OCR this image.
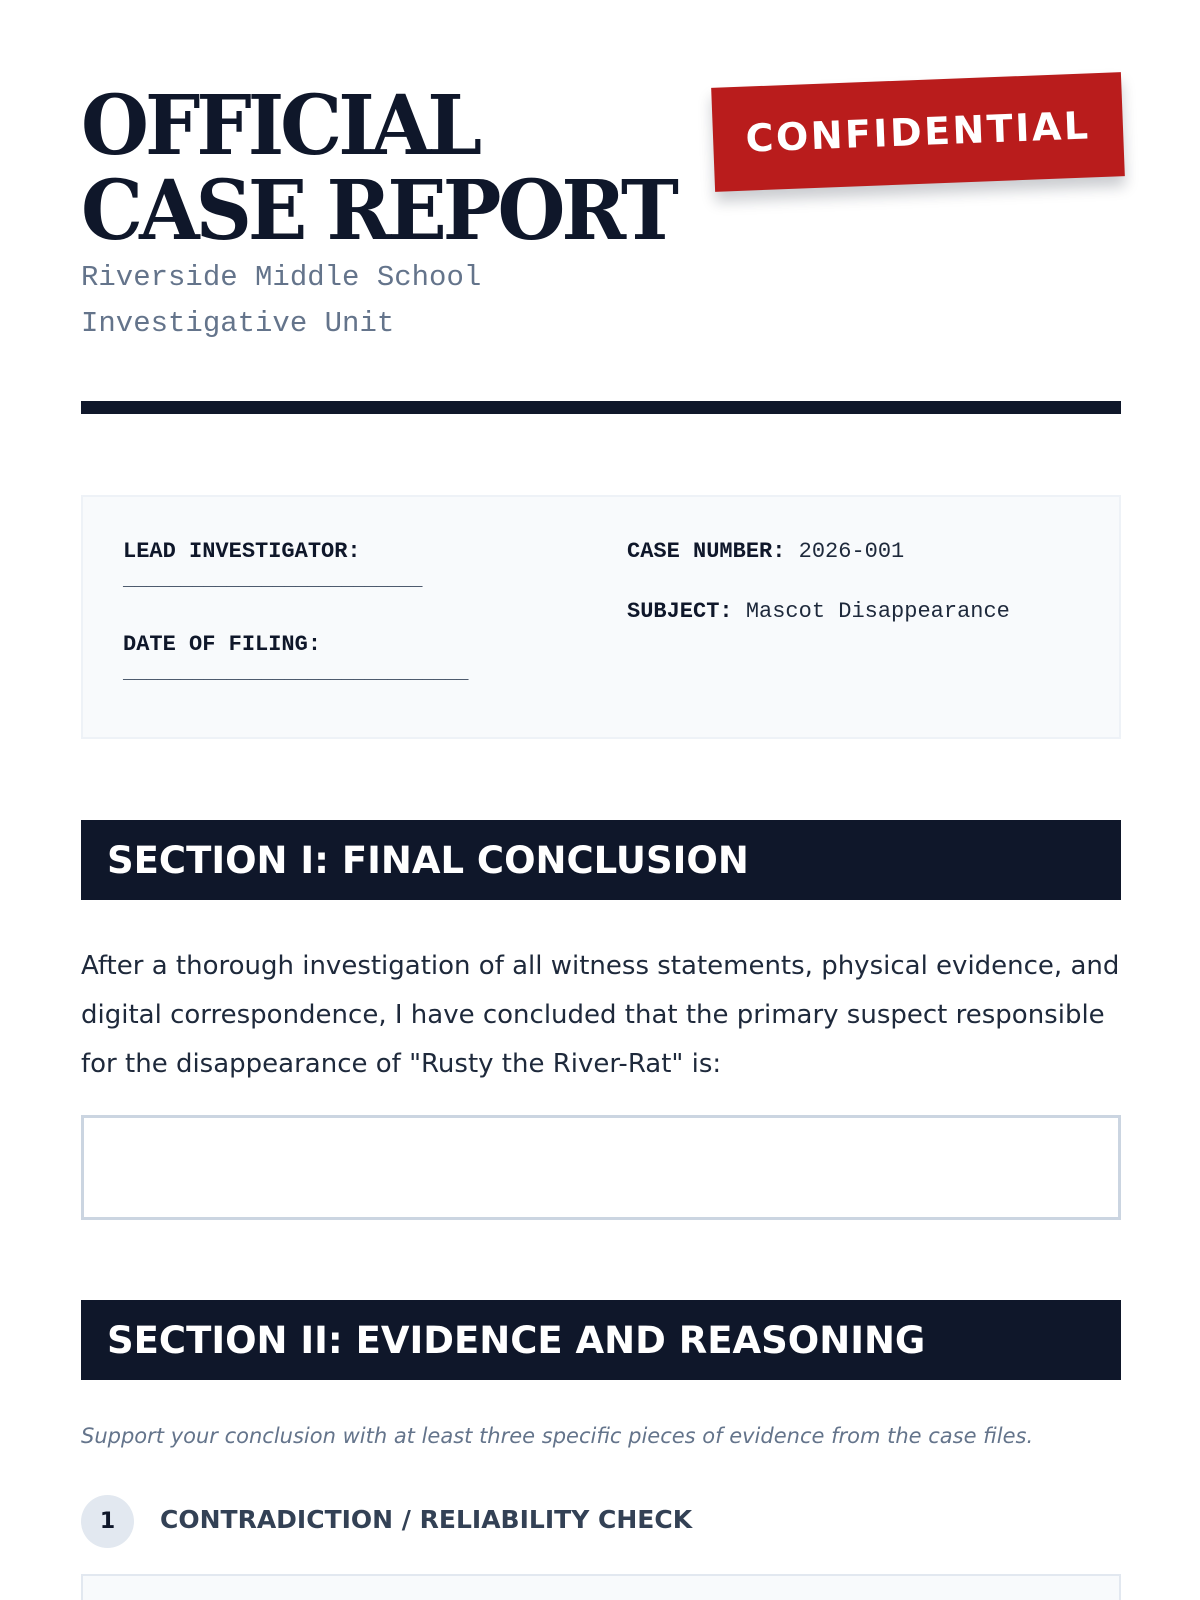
OFFICIAL CASE REPORT
Riverside Middle School
Investigative Unit
CONFIDENTIAL
LEAD INVESTIGATOR:
__________________________
DATE OF FILING:
______________________________
CASE NUMBER: 2026-001
SUBJECT: Mascot Disappearance
SECTION I: FINAL CONCLUSION

After a thorough investigation of all witness statements, physical evidence, and digital correspondence, I have concluded that the primary suspect responsible for the disappearance of "Rusty the River-Rat" is:

SECTION II: EVIDENCE AND REASONING

Support your conclusion with at least three specific pieces of evidence from the case files.

1	CONTRADICTION / RELIABILITY CHECK
